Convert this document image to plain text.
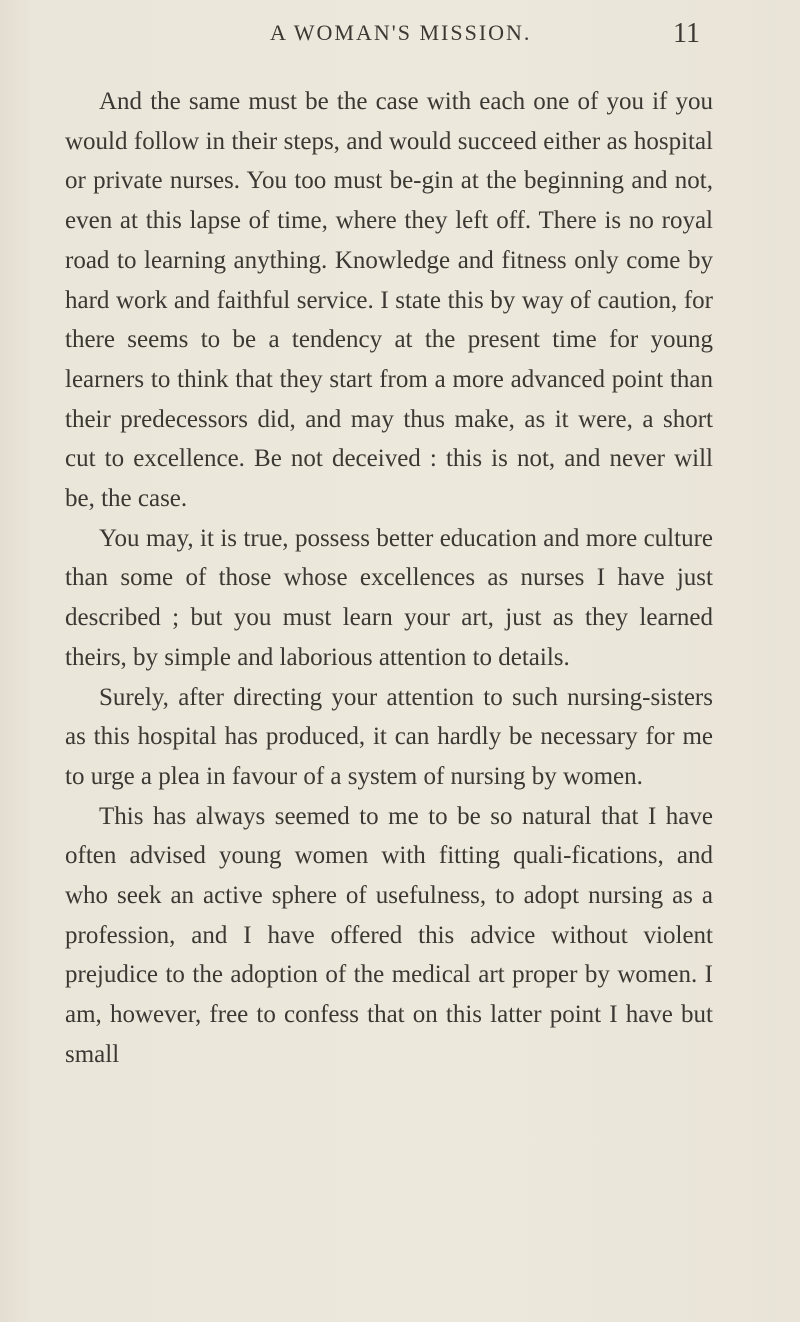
A WOMAN'S MISSION.	11

And the same must be the case with each one of you if you would follow in their steps, and would succeed either as hospital or private nurses. You too must be-gin at the beginning and not, even at this lapse of time, where they left off. There is no royal road to learning anything. Knowledge and fitness only come by hard work and faithful service. I state this by way of caution, for there seems to be a tendency at the present time for young learners to think that they start from a more advanced point than their predecessors did, and may thus make, as it were, a short cut to excellence. Be not deceived : this is not, and never will be, the case.

You may, it is true, possess better education and more culture than some of those whose excellences as nurses I have just described ; but you must learn your art, just as they learned theirs, by simple and laborious attention to details.

Surely, after directing your attention to such nursing-sisters as this hospital has produced, it can hardly be necessary for me to urge a plea in favour of a system of nursing by women.

This has always seemed to me to be so natural that I have often advised young women with fitting quali-fications, and who seek an active sphere of usefulness, to adopt nursing as a profession, and I have offered this advice without violent prejudice to the adoption of the medical art proper by women. I am, however, free to confess that on this latter point I have but small
